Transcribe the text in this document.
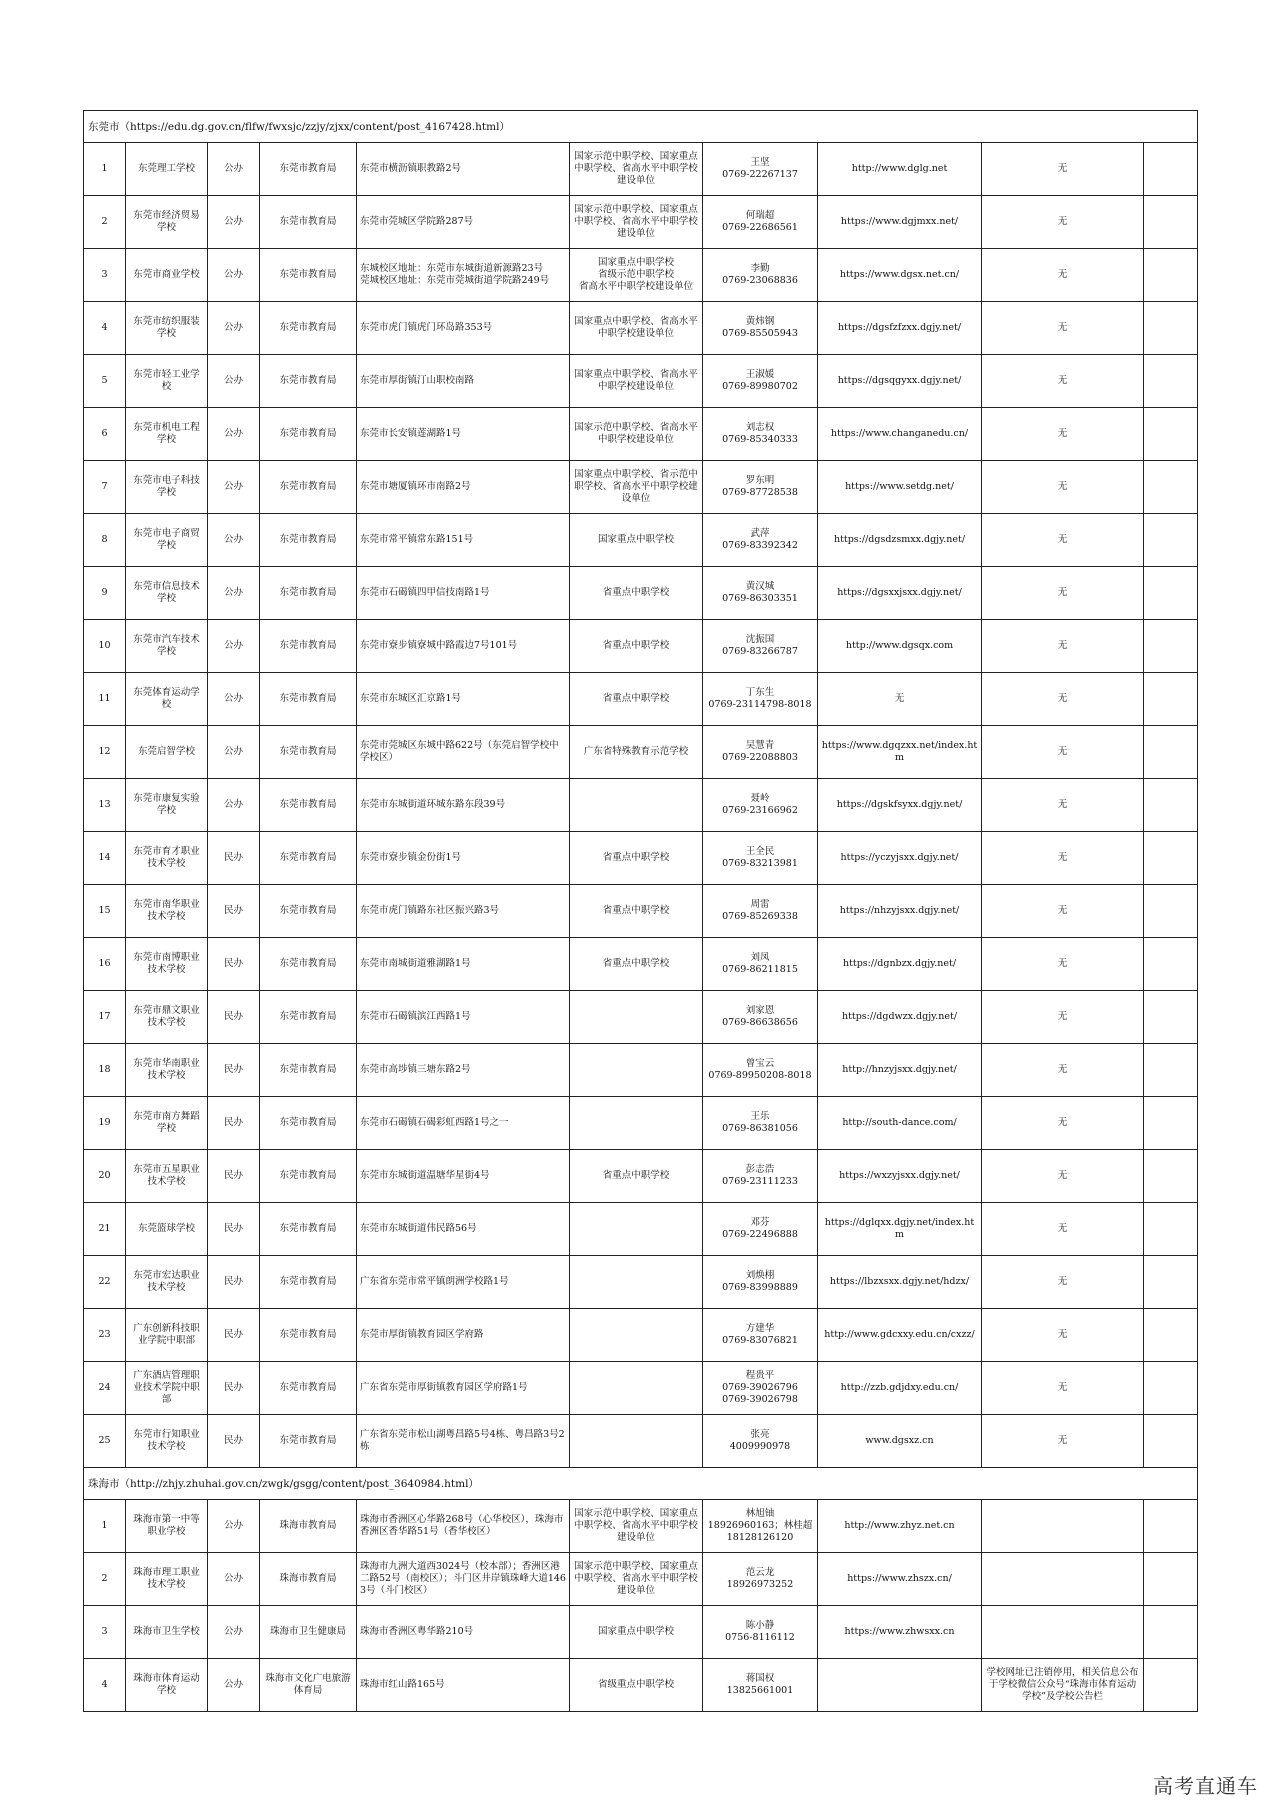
东莞市（https://edu.dg.gov.cn/flfw/fwxsjc/zzjy/zjxx/content/post_4167428.html）									

1	东莞理工学校	公办	东莞市教育局	东莞市横沥镇职教路2号	国家示范中职学校、国家重点中职学校、省高水平中职学校建设单位	王坚
0769-22267137	http://www.dglg.net	无	

2	东莞市经济贸易学校	公办	东莞市教育局	东莞市莞城区学院路287号	国家示范中职学校、国家重点中职学校、省高水平中职学校建设单位	何瑞超
0769-22686561	https://www.dgjmxx.net/	无	

3	东莞市商业学校	公办	东莞市教育局	东城校区地址：东莞市东城街道新源路23号
莞城校区地址：东莞市莞城街道学院路249号	国家重点中职学校
省级示范中职学校
省高水平中职学校建设单位	李勤
0769-23068836	https://www.dgsx.net.cn/	无	

4	东莞市纺织服装学校	公办	东莞市教育局	东莞市虎门镇虎门环岛路353号	国家重点中职学校、省高水平中职学校建设单位	黄炜钢
0769-85505943	https://dgsfzfzxx.dgjy.net/	无	

5	东莞市轻工业学校	公办	东莞市教育局	东莞市厚街镇汀山职校南路	国家重点中职学校、省高水平中职学校建设单位	王淑媛
0769-89980702	https://dgsqgyxx.dgjy.net/	无	

6	东莞市机电工程学校	公办	东莞市教育局	东莞市长安镇莲湖路1号	国家示范中职学校、省高水平中职学校建设单位	刘志权
0769-85340333	https://www.changanedu.cn/	无	

7	东莞市电子科技学校	公办	东莞市教育局	东莞市塘厦镇环市南路2号	国家重点中职学校、省示范中职学校、省高水平中职学校建设单位	罗东明
0769-87728538	https://www.setdg.net/	无	

8	东莞市电子商贸学校	公办	东莞市教育局	东莞市常平镇常东路151号	国家重点中职学校	武萍
0769-83392342	https://dgsdzsmxx.dgjy.net/	无	

9	东莞市信息技术学校	公办	东莞市教育局	东莞市石碣镇四甲信技南路1号	省重点中职学校	黄汉城
0769-86303351	https://dgsxxjsxx.dgjy.net/	无	

10	东莞市汽车技术学校	公办	东莞市教育局	东莞市寮步镇寮城中路霞边7号101号	省重点中职学校	沈振国
0769-83266787	http://www.dgsqx.com	无	

11	东莞体育运动学校	公办	东莞市教育局	东莞市东城区汇京路1号	省重点中职学校	丁东生
0769-23114798-8018	无	无	

12	东莞启智学校	公办	东莞市教育局	东莞市莞城区东城中路622号（东莞启智学校中学校区）	广东省特殊教育示范学校	吴慧青
0769-22088803	https://www.dgqzxx.net/index.htm	无	

13	东莞市康复实验学校	公办	东莞市教育局	东莞市东城街道环城东路东段39号		聂岭
0769-23166962	https://dgskfsyxx.dgjy.net/	无	

14	东莞市育才职业技术学校	民办	东莞市教育局	东莞市寮步镇金份街1号	省重点中职学校	王全民
0769-83213981	https://yczyjsxx.dgjy.net/	无	

15	东莞市南华职业技术学校	民办	东莞市教育局	东莞市虎门镇路东社区振兴路3号	省重点中职学校	周雷
0769-85269338	https://nhzyjsxx.dgjy.net/	无	

16	东莞市南博职业技术学校	民办	东莞市教育局	东莞市南城街道雅湖路1号	省重点中职学校	刘凤
0769-86211815	https://dgnbzx.dgjy.net/	无	

17	东莞市鼎文职业技术学校	民办	东莞市教育局	东莞市石碣镇滨江西路1号		刘家恩
0769-86638656	https://dgdwzx.dgjy.net/	无	

18	东莞市华南职业技术学校	民办	东莞市教育局	东莞市高埗镇三塘东路2号		曾宝云
0769-89950208-8018	http://hnzyjsxx.dgjy.net/	无	

19	东莞市南方舞蹈学校	民办	东莞市教育局	东莞市石碣镇石碣彩虹西路1号之一		王乐
0769-86381056	http://south-dance.com/	无	

20	东莞市五星职业技术学校	民办	东莞市教育局	东莞市东城街道温塘华星街4号	省重点中职学校	彭志浩
0769-23111233	https://wxzyjsxx.dgjy.net/	无	

21	东莞篮球学校	民办	东莞市教育局	东莞市东城街道伟民路56号		邓芬
0769-22496888	https://dglqxx.dgjy.net/index.htm	无	

22	东莞市宏达职业技术学校	民办	东莞市教育局	广东省东莞市常平镇朗洲学校路1号		刘焕栩
0769-83998889	https://lbzxsxx.dgjy.net/hdzx/	无	

23	广东创新科技职业学院中职部	民办	东莞市教育局	东莞市厚街镇教育园区学府路		方建华
0769-83076821	http://www.gdcxxy.edu.cn/cxzz/	无	

24	广东酒店管理职业技术学院中职部	民办	东莞市教育局	广东省东莞市厚街镇教育园区学府路1号		程贵平
0769-39026796
0769-39026798	http://zzb.gdjdxy.edu.cn/	无	

25	东莞市行知职业技术学校	民办	东莞市教育局	广东省东莞市松山湖粤昌路5号4栋、粤昌路3号2栋		张亮
4009990978	www.dgsxz.cn	无	

珠海市（http://zhjy.zhuhai.gov.cn/zwgk/gsgg/content/post_3640984.html）									

1	珠海市第一中等职业学校	公办	珠海市教育局	珠海市香洲区心华路268号（心华校区），珠海市香洲区香华路51号（香华校区）	国家示范中职学校、国家重点中职学校、省高水平中职学校建设单位	林旭铀
18926960163；林桂超
18128126120	http://www.zhyz.net.cn		

2	珠海市理工职业技术学校	公办	珠海市教育局	珠海市九洲大道西3024号（校本部）；香洲区港二路52号（南校区）；斗门区井岸镇珠峰大道1463号（斗门校区）	国家示范中职学校、国家重点中职学校、省高水平中职学校建设单位	范云龙
18926973252	https://www.zhszx.cn/		

3	珠海市卫生学校	公办	珠海市卫生健康局	珠海市香洲区粤华路210号	国家重点中职学校	陈小静
0756-8116112	https://www.zhwsxx.cn		

4	珠海市体育运动学校	公办	珠海市文化广电旅游体育局	珠海市红山路165号	省级重点中职学校	蒋国权
13825661001		学校网址已注销停用，相关信息公布于学校微信公众号“珠海市体育运动学校”及学校公告栏	

高考直通车
